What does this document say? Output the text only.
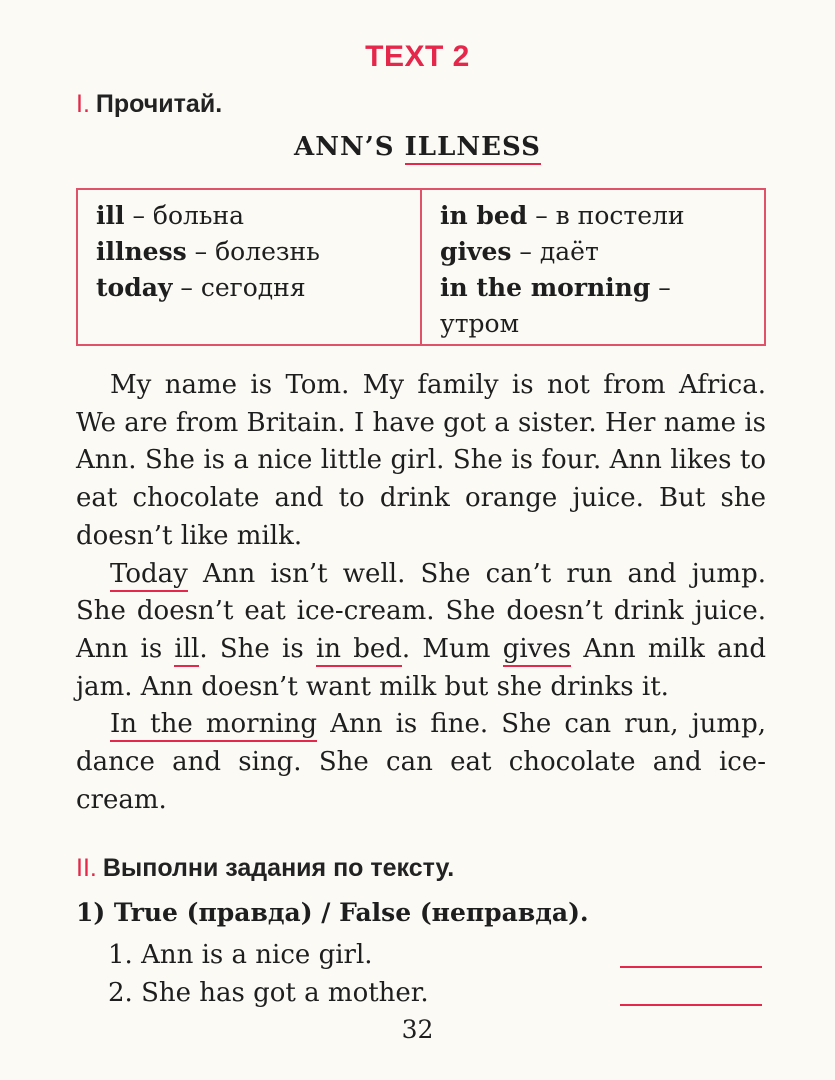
TEXT 2
I. Прочитай.
ANN’S ILLNESS
ill – больна
illness – болезнь
today – сегодня
in bed – в постели
gives – даёт
in the morning –
утром

My name is Tom. My family is not from Africa. We are from Britain. I have got a sister. Her name is Ann. She is a nice little girl. She is four. Ann likes to eat chocolate and to drink orange juice. But she doesn’t like milk.

Today Ann isn’t well. She can’t run and jump. She doesn’t eat ice-cream. She doesn’t drink juice. Ann is ill. She is in bed. Mum gives Ann milk and jam. Ann doesn’t want milk but she drinks it.

In the morning Ann is fine. She can run, jump, dance and sing. She can eat chocolate and ice-cream.

II. Выполни задания по тексту.
1) True (правда) / False (неправда).
1. Ann is a nice girl.
2. She has got a mother.
32
